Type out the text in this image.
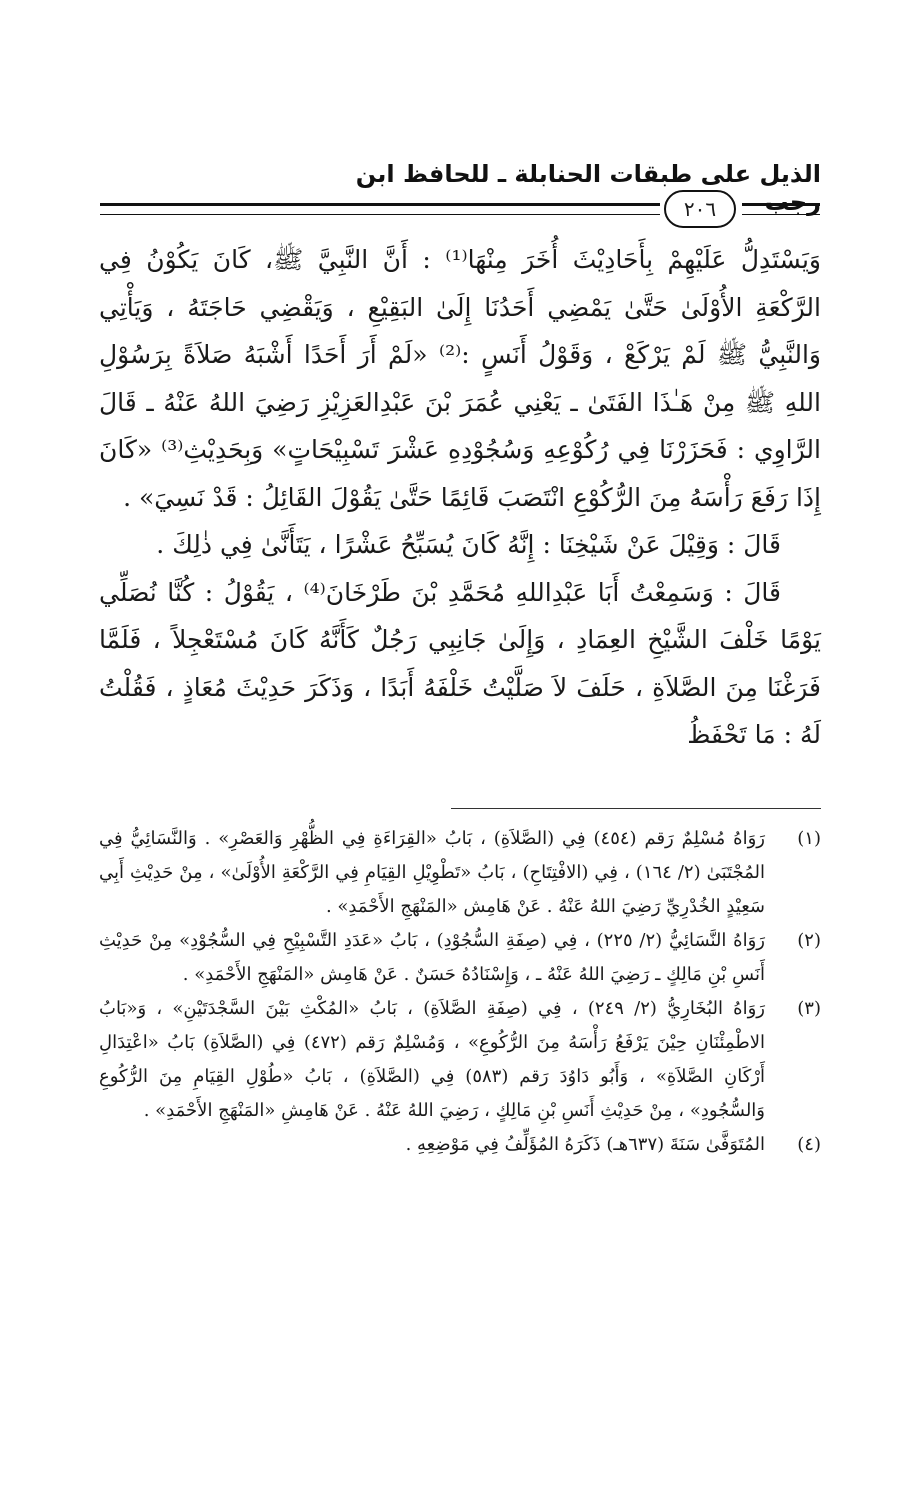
الذيل على طبقات الحنابلة ـ للحافظ ابن رجب
٢٠٦

وَيَسْتَدِلُّ عَلَيْهِمْ بِأَحَادِيْثَ أُخَرَ مِنْهَا⁽¹⁾ : أَنَّ النَّبِيَّ ﷺ، كَانَ يَكُوْنُ فِي الرَّكْعَةِ الأُوْلَىٰ حَتَّىٰ يَمْضِي أَحَدُنَا إِلَىٰ البَقِيْعِ ، وَيَقْضِي حَاجَتَهُ ، وَيَأْتِي وَالنَّبِيُّ ﷺ لَمْ يَرْكَعْ ، وَقَوْلُ أَنَسٍ :⁽²⁾ «لَمْ أَرَ أَحَدًا أَشْبَهُ صَلاَةً بِرَسُوْلِ اللهِ ﷺ مِنْ هَـٰذَا الفَتَىٰ ـ يَعْنِي عُمَرَ بْنَ عَبْدِالعَزِيْزِ رَضِيَ اللهُ عَنْهُ ـ قَالَ الرَّاوِي : فَحَزَرْنَا فِي رُكُوْعِهِ وَسُجُوْدِهِ عَشْرَ تَسْبِيْحَاتٍ» وَبِحَدِيْثِ⁽³⁾ «كَانَ إِذَا رَفَعَ رَأْسَهُ مِنَ الرُّكُوْعِ انْتَصَبَ قَائِمًا حَتَّىٰ يَقُوْلَ القَائِلُ : قَدْ نَسِيَ» .

قَالَ : وَقِيْلَ عَنْ شَيْخِنَا : إِنَّهُ كَانَ يُسَبِّحُ عَشْرًا ، يَتَأَنَّىٰ فِي ذٰلِكَ .

قَالَ : وَسَمِعْتُ أَبَا عَبْدِاللهِ مُحَمَّدِ بْنَ طَرْخَانَ⁽⁴⁾ ، يَقُوْلُ : كُنَّا نُصَلِّي يَوْمًا خَلْفَ الشَّيْخِ العِمَادِ ، وَإِلَىٰ جَانِبِي رَجُلٌ كَأَنَّهُ كَانَ مُسْتَعْجِلاً ، فَلَمَّا فَرَغْنَا مِنَ الصَّلاَةِ ، حَلَفَ لاَ صَلَّيْتُ خَلْفَهُ أَبَدًا ، وَذَكَرَ حَدِيْثَ مُعَاذٍ ، فَقُلْتُ لَهُ : مَا تَحْفَظُ

(١)
رَوَاهُ مُسْلِمٌ رَقم (٤٥٤) فِي (الصَّلاَةِ) ، بَابُ «القِرَاءَةِ فِي الظُّهْرِ وَالعَصْرِ» . وَالنَّسَائِيُّ فِي المُجْتَبَىٰ (٢/ ١٦٤) ، فِي (الافْتِتَاحِ) ، بَابُ «تَطْوِيْلِ القِيَامِ فِي الرَّكْعَةِ الأُوْلَىٰ» ، مِنْ حَدِيْثِ أَبِي سَعِيْدٍ الخُدْرِيِّ رَضِيَ اللهُ عَنْهُ . عَنْ هَامِش «المَنْهَجِ الأَحْمَدِ» .
(٢)
رَوَاهُ النَّسَائِيُّ (٢/ ٢٢٥) ، فِي (صِفَةِ السُّجُوْدِ) ، بَابُ «عَدَدِ التَّسْبِيْحِ فِي السُّجُوْدِ» مِنْ حَدِيْثِ أَنَسِ بْنِ مَالِكٍ ـ رَضِيَ اللهُ عَنْهُ ـ ، وَإِسْنَادُهُ حَسَنٌ . عَنْ هَامِش «المَنْهَجِ الأَحْمَدِ» .
(٣)
رَوَاهُ البُخَارِيُّ (٢/ ٢٤٩) ، فِي (صِفَةِ الصَّلاَةِ) ، بَابُ «المُكْثِ بَيْنَ السَّجْدَتَيْنِ» ، وَ«بَابُ الاطْمِئْنَانِ حِيْنَ يَرْفَعُ رَأْسَهُ مِنَ الرُّكُوعِ» ، وَمُسْلِمٌ رَقم (٤٧٢) فِي (الصَّلاَةِ) بَابُ «اعْتِدَالِ أَرْكَانِ الصَّلاَةِ» ، وَأَبُو دَاوُدَ رَقم (٥٨٣) فِي (الصَّلاَةِ) ، بَابُ «طُوْلِ القِيَامِ مِنَ الرُّكُوعِ وَالسُّجُودِ» ، مِنْ حَدِيْثِ أَنَسِ بْنِ مَالِكٍ ، رَضِيَ اللهُ عَنْهُ . عَنْ هَامِشِ «المَنْهَجِ الأَحْمَدِ» .
(٤)
المُتَوَفَّىٰ سَنَةَ (٦٣٧هـ) ذَكَرَهُ المُؤَلِّفُ فِي مَوْضِعِهِ .
